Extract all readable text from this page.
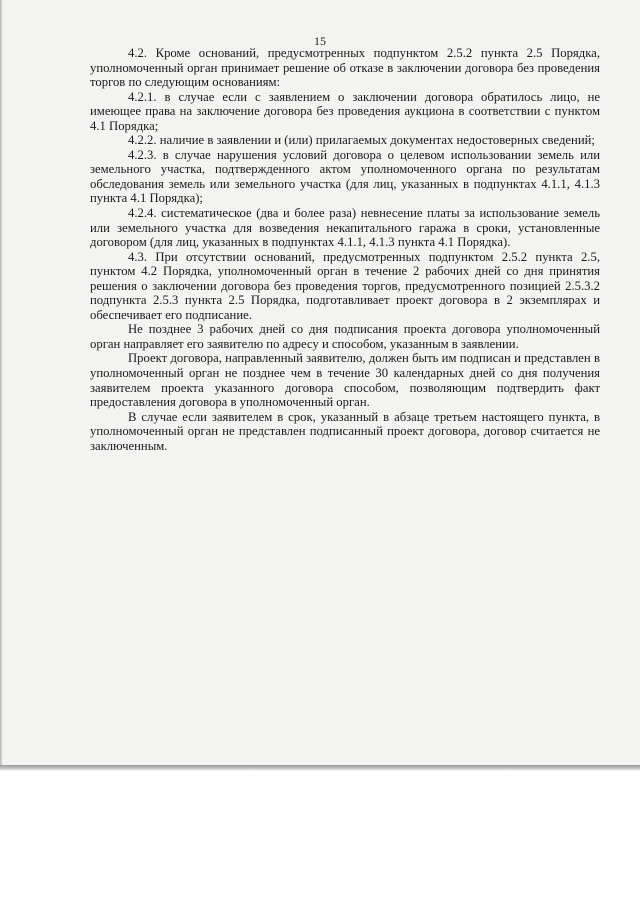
15

4.2. Кроме оснований, предусмотренных подпунктом 2.5.2 пункта 2.5 Порядка, уполномоченный орган принимает решение об отказе в заключении договора без проведения торгов по следующим основаниям:

4.2.1. в случае если с заявлением о заключении договора обратилось лицо, не имеющее права на заключение договора без проведения аукциона в соответствии с пунктом 4.1 Порядка;

4.2.2. наличие в заявлении и (или) прилагаемых документах недостоверных сведений;

4.2.3. в случае нарушения условий договора о целевом использовании земель или земельного участка, подтвержденного актом уполномоченного органа по результатам обследования земель или земельного участка (для лиц, указанных в подпунктах 4.1.1, 4.1.3 пункта 4.1 Порядка);

4.2.4. систематическое (два и более раза) невнесение платы за использование земель или земельного участка для возведения некапитального гаража в сроки, установленные договором (для лиц, указанных в подпунктах 4.1.1, 4.1.3 пункта 4.1 Порядка).

4.3. При отсутствии оснований, предусмотренных подпунктом 2.5.2 пункта 2.5, пунктом 4.2 Порядка, уполномоченный орган в течение 2 рабочих дней со дня принятия решения о заключении договора без проведения торгов, предусмотренного позицией 2.5.3.2 подпункта 2.5.3 пункта 2.5 Порядка, подготавливает проект договора в 2 экземплярах и обеспечивает его подписание.

Не позднее 3 рабочих дней со дня подписания проекта договора уполномоченный орган направляет его заявителю по адресу и способом, указанным в заявлении.

Проект договора, направленный заявителю, должен быть им подписан и представлен в уполномоченный орган не позднее чем в течение 30 календарных дней со дня получения заявителем проекта указанного договора способом, позволяющим подтвердить факт предоставления договора в уполномоченный орган.

В случае если заявителем в срок, указанный в абзаце третьем настоящего пункта, в уполномоченный орган не представлен подписанный проект договора, договор считается не заключенным.
